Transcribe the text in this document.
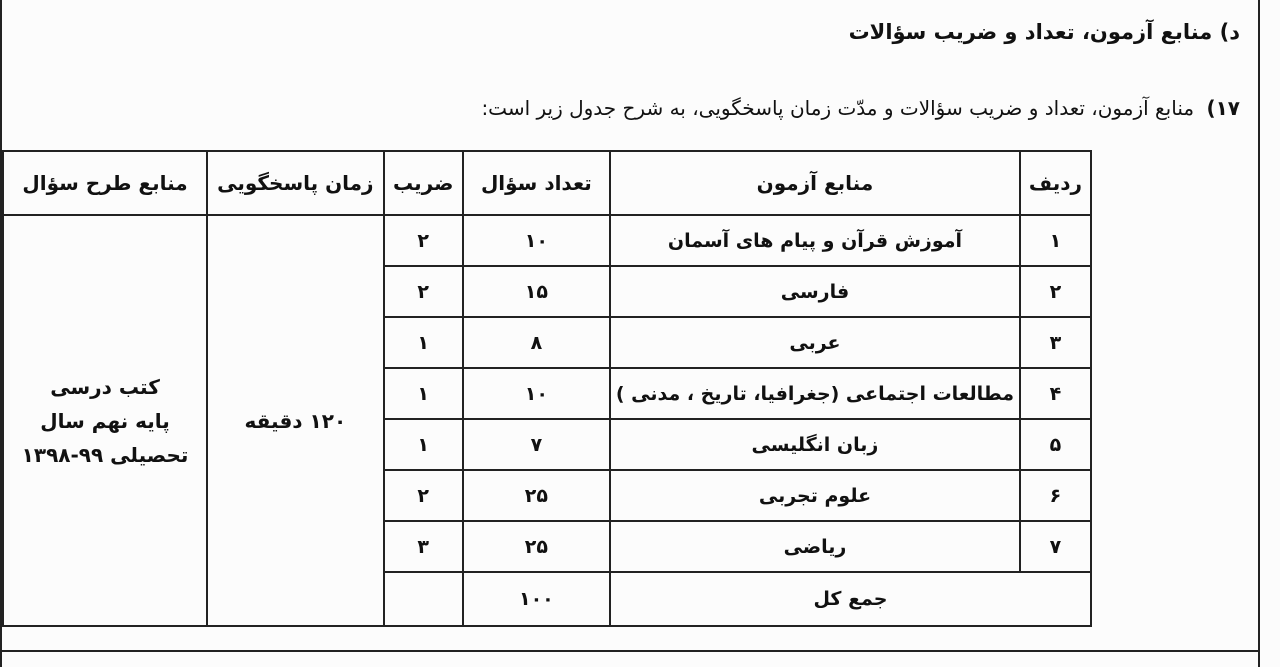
د) منابع آزمون، تعداد و ضریب سؤالات
۱۷) منابع آزمون، تعداد و ضریب سؤالات و مدّت زمان پاسخگویی، به شرح جدول زیر است:
ردیف	منابع آزمون	تعداد سؤال	ضریب	زمان پاسخگویی	منابع طرح سؤال
۱	آموزش قرآن و پیام های آسمان	۱۰	۲	۱۲۰ دقیقه	کتب درسی
پایه نهم سال
تحصیلی ۹۹-۱۳۹۸

۲	فارسی	۱۵	۲		
۳	عربی	۸	۱		
۴	مطالعات اجتماعی (جغرافیا، تاریخ ، مدنی )	۱۰	۱		
۵	زبان انگلیسی	۷	۱		
۶	علوم تجربی	۲۵	۲		
۷	ریاضی	۲۵	۳		
جمع کل		۱۰۰			
